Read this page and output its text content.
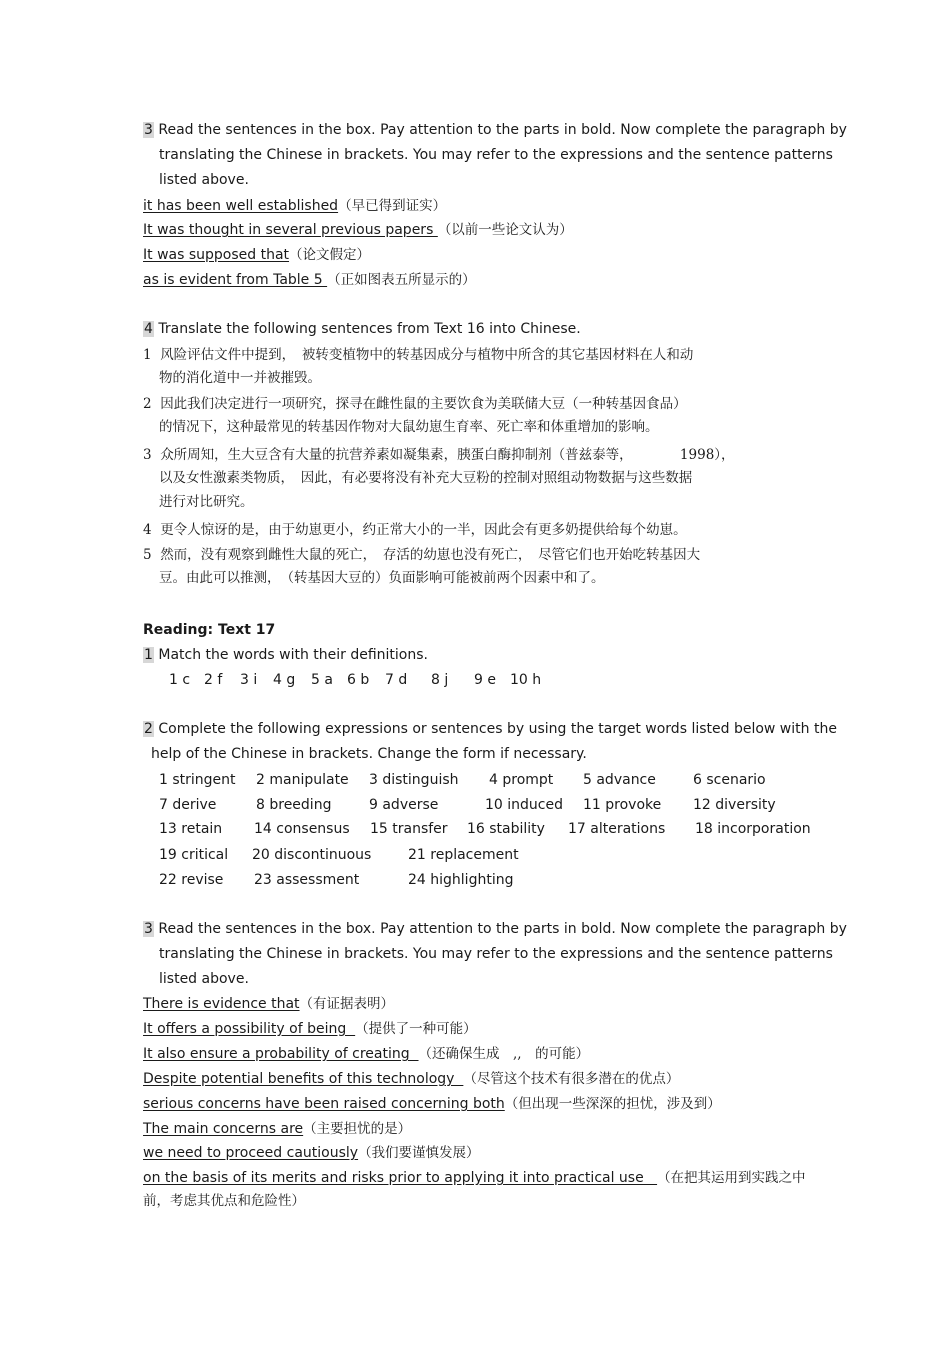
3 Read the sentences in the box. Pay attention to the parts in bold. Now complete the paragraph by
translating the Chinese in brackets. You may refer to the expressions and the sentence patterns
listed above.
it has been well established（早已得到证实）
It was thought in several previous papers （以前一些论文认为）
It was supposed that（论文假定）
as is evident from Table 5 （正如图表五所显示的）
4 Translate the following sentences from Text 16 into Chinese.
1 风险评估文件中提到，　被转变植物中的转基因成分与植物中所含的其它基因材料在人和动
物的消化道中一并被摧毁。
2 因此我们决定进行一项研究，探寻在雌性鼠的主要饮食为美联储大豆（一种转基因食品）
的情况下，这种最常见的转基因作物对大鼠幼崽生育率、死亡率和体重增加的影响。
3 众所周知，生大豆含有大量的抗营养素如凝集素，胰蛋白酶抑制剂（普兹泰等，　　　　1998），
以及女性激素类物质，　因此，有必要将没有补充大豆粉的控制对照组动物数据与这些数据
进行对比研究。
4 更令人惊讶的是，由于幼崽更小，约正常大小的一半，因此会有更多奶提供给每个幼崽。
5 然而，没有观察到雌性大鼠的死亡，　存活的幼崽也没有死亡，　尽管它们也开始吃转基因大
豆。由此可以推测，　（转基因大豆的）负面影响可能被前两个因素中和了。
Reading: Text 17
1 Match the words with their definitions.
1 c 2 f 3 i 4 g 5 a 6 b 7 d 8 j 9 e 10 h
2 Complete the following expressions or sentences by using the target words listed below with the
help of the Chinese in brackets. Change the form if necessary.
1 stringent 2 manipulate 3 distinguish 4 prompt 5 advance	6 scenario
7 derive	8 breeding	9 adverse	10 induced 11 provoke 12 diversity
13 retain 14 consensus 15 transfer 16 stability 17 alterations 18 incorporation
19 critical 20 discontinuous	21 replacement
22 revise 23 assessment	24 highlighting
3 Read the sentences in the box. Pay attention to the parts in bold. Now complete the paragraph by
translating the Chinese in brackets. You may refer to the expressions and the sentence patterns
listed above.
There is evidence that（有证据表明）
It offers a possibility of being  （提供了一种可能）
It also ensure a probability of creating  （还确保生成　,,　的可能）
Despite potential benefits of this technology  （尽管这个技术有很多潜在的优点）
serious concerns have been raised concerning both（但出现一些深深的担忧，涉及到）
The main concerns are（主要担忧的是）
we need to proceed cautiously（我们要谨慎发展）
on the basis of its merits and risks prior to applying it into practical use   （在把其运用到实践之中
前，考虑其优点和危险性）
